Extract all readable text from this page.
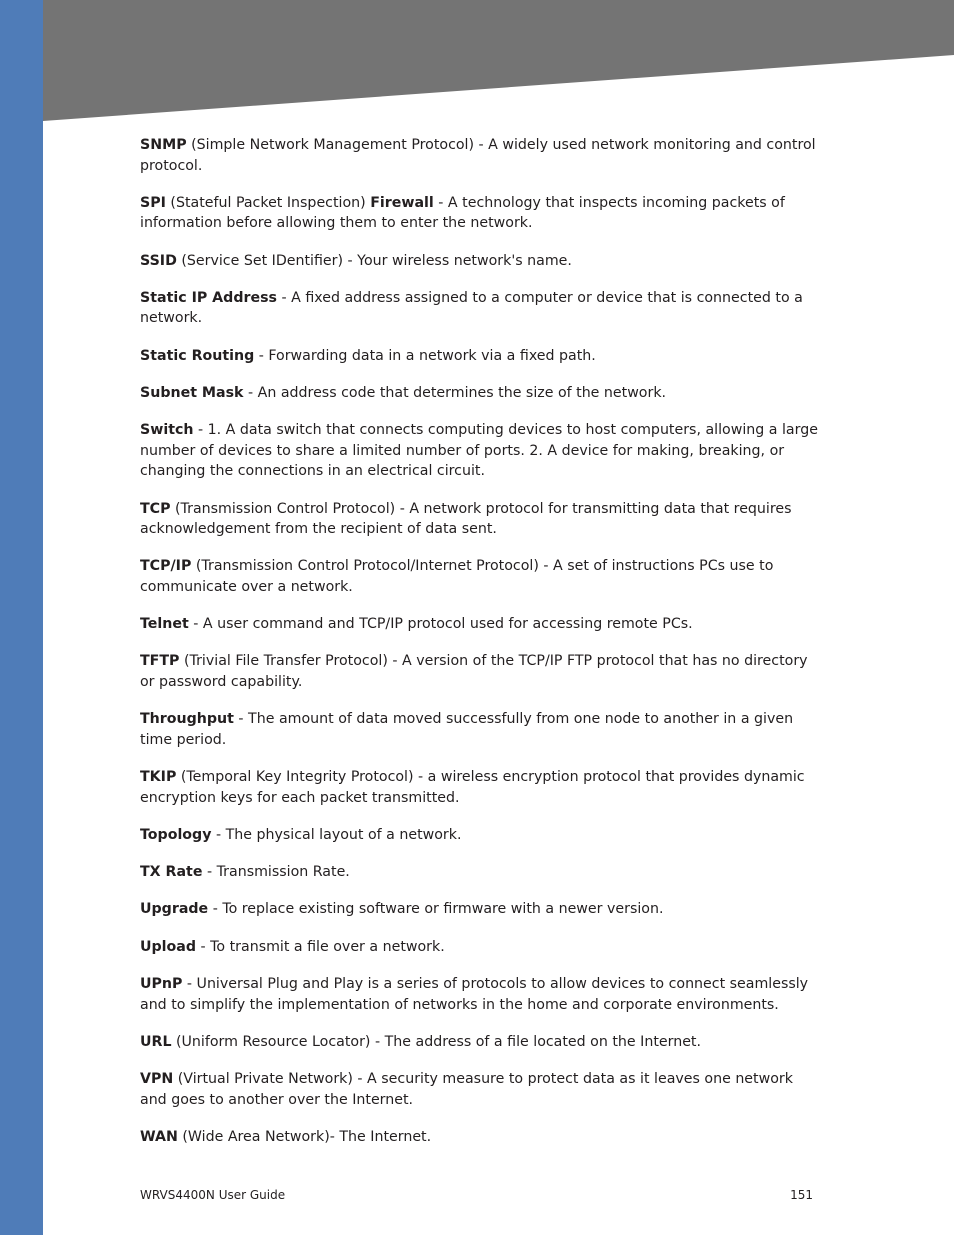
SNMP (Simple Network Management Protocol) - A widely used network monitoring and control protocol.

SPI (Stateful Packet Inspection) Firewall - A technology that inspects incoming packets of information before allowing them to enter the network.

SSID (Service Set IDentifier) - Your wireless network's name.

Static IP Address - A fixed address assigned to a computer or device that is connected to a network.

Static Routing - Forwarding data in a network via a fixed path.

Subnet Mask - An address code that determines the size of the network.

Switch - 1. A data switch that connects computing devices to host computers, allowing a large number of devices to share a limited number of ports. 2. A device for making, breaking, or changing the connections in an electrical circuit.

TCP (Transmission Control Protocol) - A network protocol for transmitting data that requires acknowledgement from the recipient of data sent.

TCP/IP (Transmission Control Protocol/Internet Protocol) - A set of instructions PCs use to communicate over a network.

Telnet - A user command and TCP/IP protocol used for accessing remote PCs.

TFTP (Trivial File Transfer Protocol) - A version of the TCP/IP FTP protocol that has no directory or password capability.

Throughput - The amount of data moved successfully from one node to another in a given time period.

TKIP (Temporal Key Integrity Protocol) - a wireless encryption protocol that provides dynamic encryption keys for each packet transmitted.

Topology - The physical layout of a network.

TX Rate - Transmission Rate.

Upgrade - To replace existing software or firmware with a newer version.

Upload - To transmit a file over a network.

UPnP - Universal Plug and Play is a series of protocols to allow devices to connect seamlessly and to simplify the implementation of networks in the home and corporate environments.

URL (Uniform Resource Locator) - The address of a file located on the Internet.

VPN (Virtual Private Network) - A security measure to protect data as it leaves one network and goes to another over the Internet.

WAN (Wide Area Network)- The Internet.

WRVS4400N User Guide	151
